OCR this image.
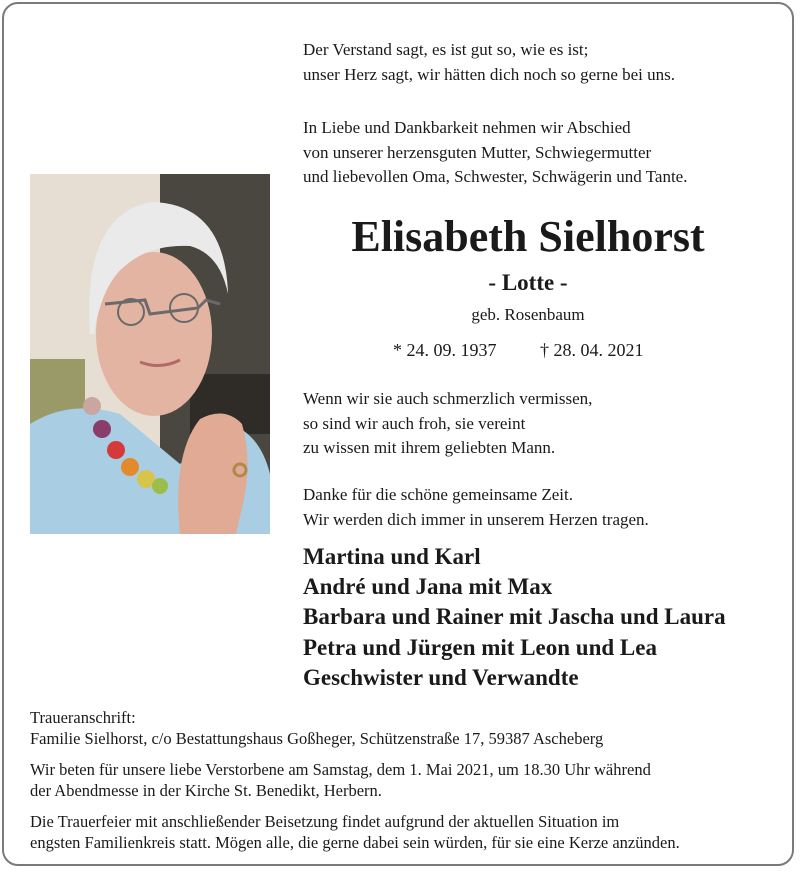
Der Verstand sagt, es ist gut so, wie es ist;
unser Herz sagt, wir hätten dich noch so gerne bei uns.
In Liebe und Dankbarkeit nehmen wir Abschied
von unserer herzensguten Mutter, Schwiegermutter
und liebevollen Oma, Schwester, Schwägerin und Tante.
Elisabeth Sielhorst
- Lotte -
geb. Rosenbaum
* 24. 09. 1937 † 28. 04. 2021
Wenn wir sie auch schmerzlich vermissen,
so sind wir auch froh, sie vereint
zu wissen mit ihrem geliebten Mann.
Danke für die schöne gemeinsame Zeit.
Wir werden dich immer in unserem Herzen tragen.
Martina und Karl
André und Jana mit Max
Barbara und Rainer mit Jascha und Laura
Petra und Jürgen mit Leon und Lea
Geschwister und Verwandte
Traueranschrift:
Familie Sielhorst, c/o Bestattungshaus Goßheger, Schützenstraße 17, 59387 Ascheberg
Wir beten für unsere liebe Verstorbene am Samstag, dem 1. Mai 2021, um 18.30 Uhr während
der Abendmesse in der Kirche St. Benedikt, Herbern.
Die Trauerfeier mit anschließender Beisetzung findet aufgrund der aktuellen Situation im
engsten Familienkreis statt. Mögen alle, die gerne dabei sein würden, für sie eine Kerze anzünden.
